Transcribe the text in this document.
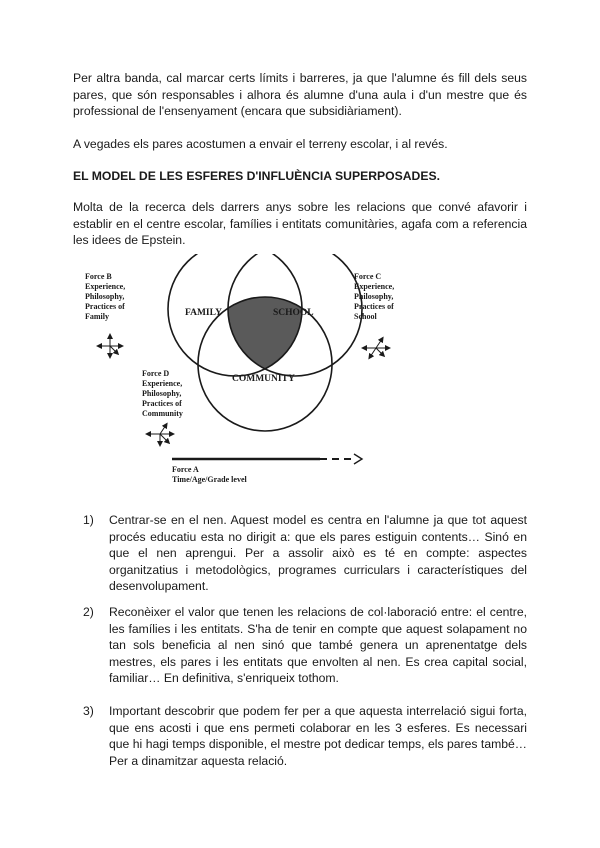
Per altra banda, cal marcar certs límits i barreres, ja que l'alumne és fill dels seus pares, que són responsables i alhora és alumne d'una aula i d'un mestre que és professional de l'ensenyament (encara que subsidiàriament).

A vegades els pares acostumen a envair el terreny escolar, i al revés.

EL MODEL DE LES ESFERES D'INFLUÈNCIA SUPERPOSADES.

Molta de la recerca dels darrers anys sobre les relacions que convé afavorir i establir en el centre escolar, famílies i entitats comunitàries, agafa com a referencia les idees de Epstein.

FAMILY	SCHOOL
COMMUNITY
Force B
Experience,
Philosophy,
Practices of
Family
Force C
Experience,
Philosophy,
Practices of
School
Force D
Experience,
Philosophy,
Practices of
Community
Force A
Time/Age/Grade level
1) Centrar-se en el nen. Aquest model es centra en l'alumne ja que tot aquest procés educatiu esta no dirigit a: que els pares estiguin contents… Sinó en que el nen aprengui. Per a assolir això es té en compte: aspectes organitzatius i metodològics, programes curriculars i característiques del desenvolupament.

2) Reconèixer el valor que tenen les relacions de col·laboració entre: el centre, les famílies i les entitats. S'ha de tenir en compte que aquest solapament no tan sols beneficia al nen sinó que també genera un aprenentatge dels mestres, els pares i les entitats que envolten al nen. Es crea capital social, familiar… En definitiva, s'enriqueix tothom.

3) Important descobrir que podem fer per a que aquesta interrelació sigui forta, que ens acosti i que ens permeti colaborar en les 3 esferes. Es necessari que hi hagi temps disponible, el mestre pot dedicar temps, els pares també… Per a dinamitzar aquesta relació.
